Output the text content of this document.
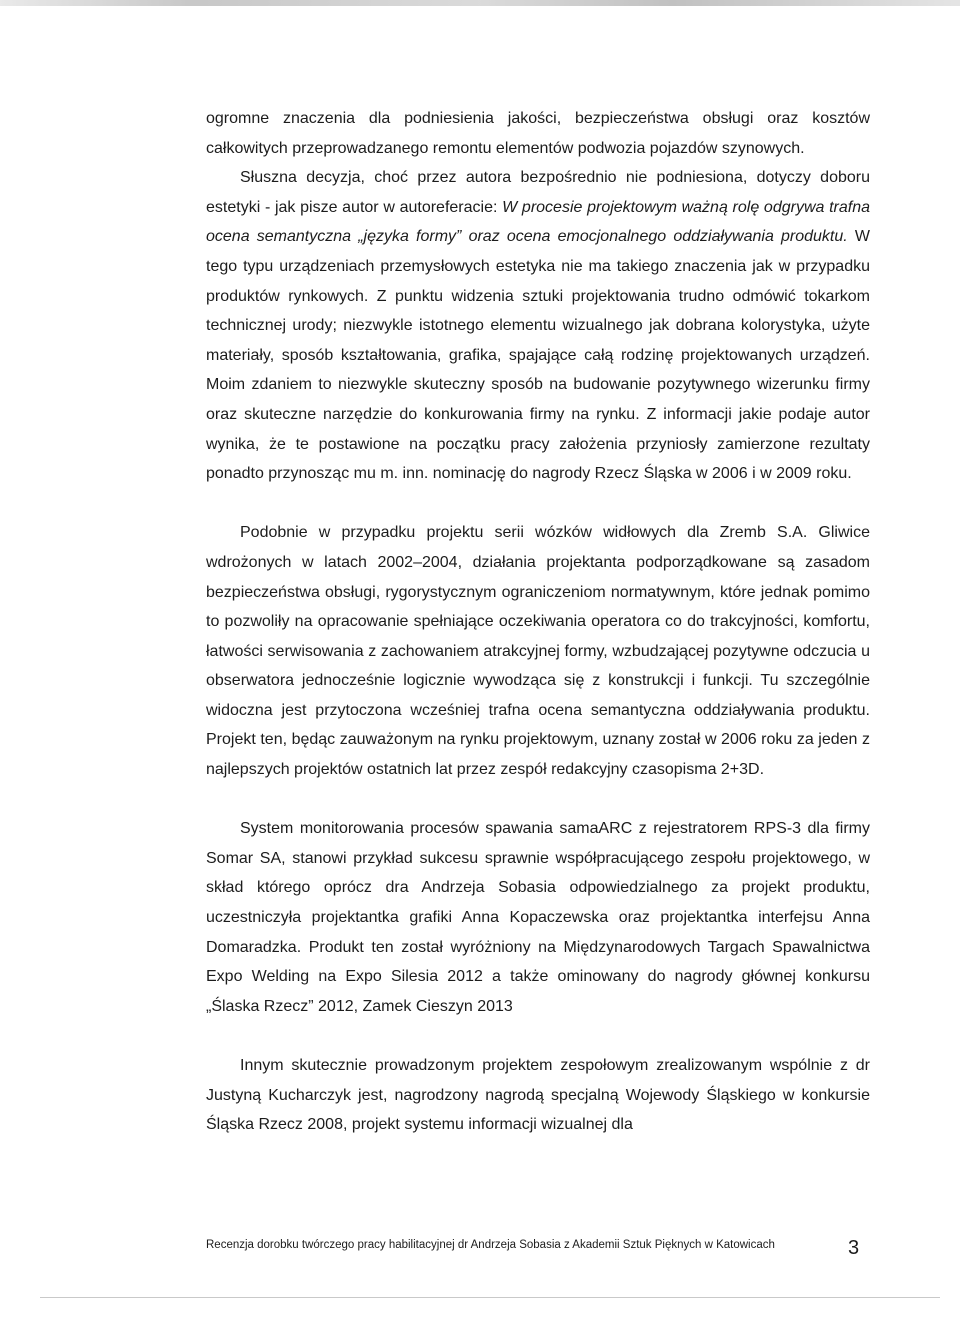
ogromne znaczenia dla podniesienia jakości, bezpieczeństwa obsługi oraz kosztów całkowitych przeprowadzanego remontu elementów podwozia pojazdów szynowych.

Słuszna decyzja, choć przez autora bezpośrednio nie podniesiona, dotyczy doboru estetyki - jak pisze autor w autoreferacie: W procesie projektowym ważną rolę odgrywa trafna ocena semantyczna „języka formy” oraz ocena emocjonalnego oddziaływania produktu. W tego typu urządzeniach przemysłowych estetyka nie ma takiego znaczenia jak w przypadku produktów rynkowych. Z punktu widzenia sztuki projektowania trudno odmówić tokarkom technicznej urody; niezwykle istotnego elementu wizualnego jak dobrana kolorystyka, użyte materiały, sposób kształtowania, grafika, spajające całą rodzinę projektowanych urządzeń. Moim zdaniem to niezwykle skuteczny sposób na budowanie pozytywnego wizerunku firmy oraz skuteczne narzędzie do konkurowania firmy na rynku. Z informacji jakie podaje autor wynika, że te postawione na początku pracy założenia przyniosły zamierzone rezultaty ponadto przynosząc mu m. inn. nominację do nagrody Rzecz Śląska w 2006 i w 2009 roku.

Podobnie w przypadku projektu serii wózków widłowych dla Zremb S.A. Gliwice wdrożonych w latach 2002–2004, działania projektanta podporządkowane są zasadom bezpieczeństwa obsługi, rygorystycznym ograniczeniom normatywnym, które jednak pomimo to pozwoliły na opracowanie spełniające oczekiwania operatora co do trakcyjności, komfortu, łatwości serwisowania z zachowaniem atrakcyjnej formy, wzbudzającej pozytywne odczucia u obserwatora jednocześnie logicznie wywodząca się z konstrukcji i funkcji. Tu szczególnie widoczna jest przytoczona wcześniej trafna ocena semantyczna oddziaływania produktu. Projekt ten, będąc zauważonym na rynku projektowym, uznany został w 2006 roku za jeden z najlepszych projektów ostatnich lat przez zespół redakcyjny czasopisma 2+3D.

System monitorowania procesów spawania samaARC z rejestratorem RPS-3 dla firmy Somar SA, stanowi przykład sukcesu sprawnie współpracującego zespołu projektowego, w skład którego oprócz dra Andrzeja Sobasia odpowiedzialnego za projekt produktu, uczestniczyła projektantka grafiki Anna Kopaczewska oraz projektantka interfejsu Anna Domaradzka. Produkt ten został wyróżniony na Międzynarodowych Targach Spawalnictwa Expo Welding na Expo Silesia 2012 a także ominowany do nagrody głównej konkursu „Ślaska Rzecz” 2012, Zamek Cieszyn 2013

Innym skutecznie prowadzonym projektem zespołowym zrealizowanym wspólnie z dr Justyną Kucharczyk jest, nagrodzony nagrodą specjalną Wojewody Śląskiego w konkursie Śląska Rzecz 2008, projekt systemu informacji wizualnej dla

Recenzja dorobku twórczego pracy habilitacyjnej dr Andrzeja Sobasia z Akademii Sztuk Pięknych w Katowicach	3
